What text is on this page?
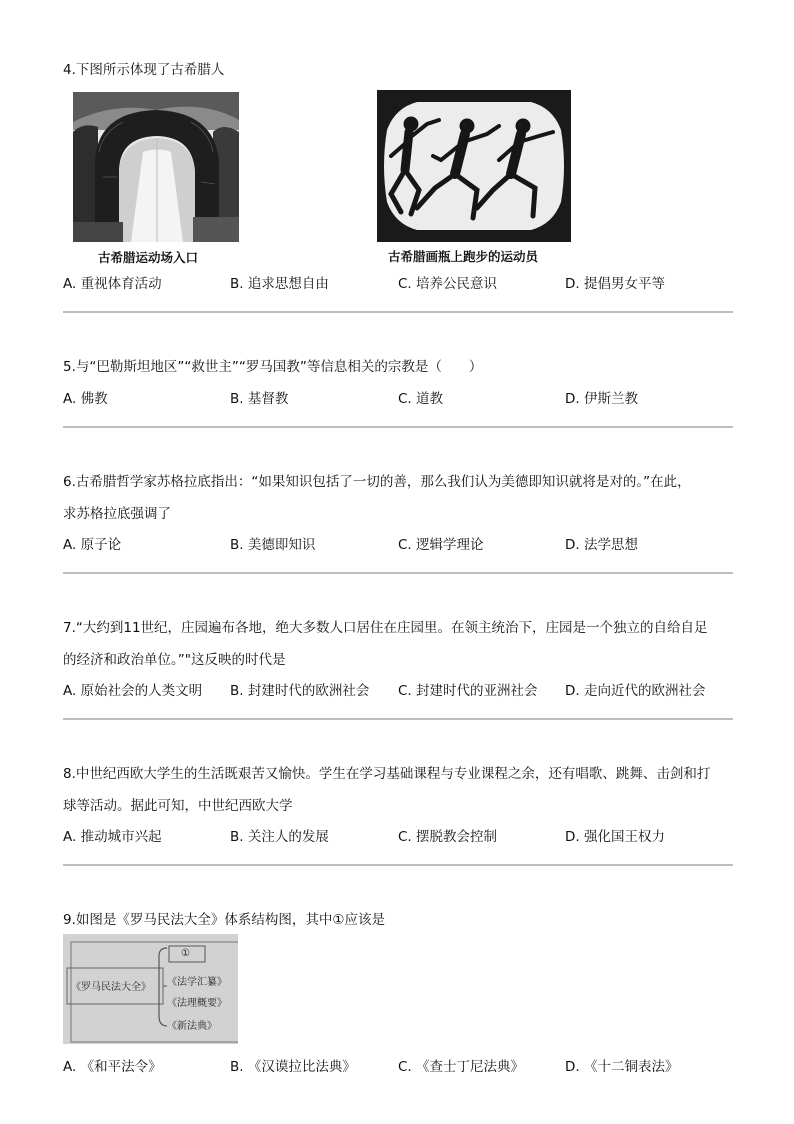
4.下图所示体现了古希腊人
古希腊运动场入口	古希腊画瓶上跑步的运动员
A. 重视体育活动	B. 追求思想自由	C. 培养公民意识	D. 提倡男女平等
5.与“巴勒斯坦地区”“救世主”“罗马国教”等信息相关的宗教是（　　）
A. 佛教	B. 基督教	C. 道教	D. 伊斯兰教
6.古希腊哲学家苏格拉底指出：“如果知识包括了一切的善，那么我们认为美德即知识就将是对的。”在此，
求苏格拉底强调了
A. 原子论	B. 美德即知识	C. 逻辑学理论	D. 法学思想
7.“大约到11世纪，庄园遍布各地，绝大多数人口居住在庄园里。在领主统治下，庄园是一个独立的自给自足
的经济和政治单位。”"这反映的时代是
A. 原始社会的人类文明 B. 封建时代的欧洲社会 C. 封建时代的亚洲社会 D. 走向近代的欧洲社会
8.中世纪西欧大学生的生活既艰苦又愉快。学生在学习基础课程与专业课程之余，还有唱歌、跳舞、击剑和打
球等活动。据此可知，中世纪西欧大学
A. 推动城市兴起	B. 关注人的发展	C. 摆脱教会控制	D. 强化国王权力
9.如图是《罗马民法大全》体系结构图，其中①应该是
《罗马民法大全》
①
《法学汇纂》
《法理概要》
《新法典》
A. 《和平法令》	B. 《汉谟拉比法典》	C. 《查士丁尼法典》	D. 《十二铜表法》
